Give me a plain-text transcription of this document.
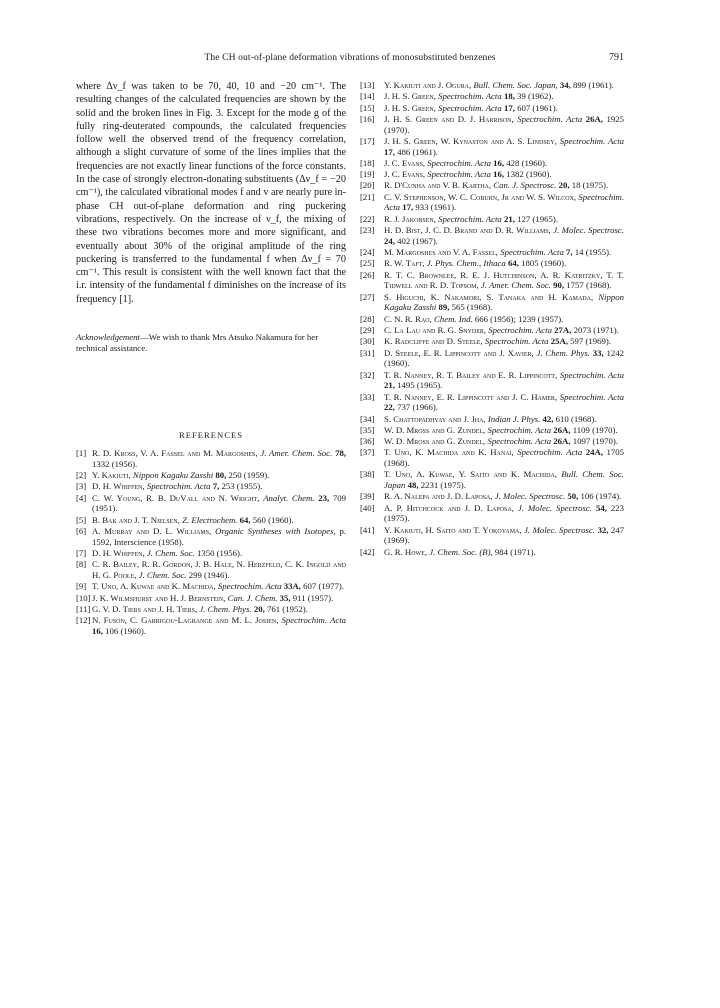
The CH out-of-plane deformation vibrations of monosubstituted benzenes	791

where Δν_f was taken to be 70, 40, 10 and −20 cm⁻¹. The resulting changes of the calculated frequencies are shown by the solid and the broken lines in Fig. 3. Except for the mode g of the fully ring-deuterated compounds, the calculated frequencies follow well the observed trend of the frequency correlation, although a slight curvature of some of the lines implies that the frequencies are not exactly linear functions of the force constants. In the case of strongly electron-donating substituents (Δν_f = −20 cm⁻¹), the calculated vibrational modes f and v are nearly pure in-phase CH out-of-plane deformation and ring puckering vibrations, respectively. On the increase of ν_f, the mixing of these two vibrations becomes more and more significant, and eventually about 30% of the original amplitude of the ring puckering is transferred to the fundamental f when Δν_f = 70 cm⁻¹. This result is consistent with the well known fact that the i.r. intensity of the fundamental f diminishes on the increase of its frequency [1].

Acknowledgement—We wish to thank Mrs Atsuko Nakamura for her technical assistance.

REFERENCES
[1] R. D. Kross, V. A. Fassel and M. Margoshes, J. Amer. Chem. Soc. 78, 1332 (1956).
[2] Y. Kakiuti, Nippon Kagaku Zasshi 80, 250 (1959).
[3] D. H. Whiffen, Spectrochim. Acta 7, 253 (1955).
[4] C. W. Young, R. B. DuVall and N. Wright, Analyt. Chem. 23, 709 (1951).
[5] B. Bak and J. T. Nielsen, Z. Electrochem. 64, 560 (1960).
[6] A. Murray and D. L. Williams, Organic Syntheses with Isotopes, p. 1592, Interscience (1958).
[7] D. H. Whiffen, J. Chem. Soc. 1350 (1956).
[8] C. R. Bailey, R. R. Gordon, J. B. Hale, N. Herzfeld, C. K. Ingold and H. G. Poole, J. Chem. Soc. 299 (1946).
[9] T. Uno, A. Kuwae and K. Machida, Spectrochim. Acta 33A, 607 (1977).
[10] J. K. Wilmshurst and H. J. Bernstein, Can. J. Chem. 35, 911 (1957).
[11] G. V. D. Tiers and J. H. Tiers, J. Chem. Phys. 20, 761 (1952).
[12] N. Fuson, C. Garrigou-Lagrange and M. L. Josien, Spectrochim. Acta 16, 106 (1960).
[13] Y. Kakiuti and J. Ogura, Bull. Chem. Soc. Japan, 34, 899 (1961).
[14] J. H. S. Green, Spectrochim. Acta 18, 39 (1962).
[15] J. H. S. Green, Spectrochim. Acta 17, 607 (1961).
[16] J. H. S. Green and D. J. Harrison, Spectrochim. Acta 26A, 1925 (1970).
[17] J. H. S. Green, W. Kynaston and A. S. Lindsey, Spectrochim. Acta 17, 486 (1961).
[18] J. C. Evans, Spectrochim. Acta 16, 428 (1960).
[19] J. C. Evans, Spectrochim. Acta 16, 1382 (1960).
[20] R. D'Cunha and V. B. Kartha, Can. J. Spectrosc. 20, 18 (1975).
[21] C. V. Stephenson, W. C. Coburn, Jr and W. S. Wilcox, Spectrochim. Acta 17, 933 (1961).
[22] R. J. Jakobsen, Spectrochim. Acta 21, 127 (1965).
[23] H. D. Bist, J. C. D. Brand and D. R. Williams, J. Molec. Spectrosc. 24, 402 (1967).
[24] M. Margoshes and V. A. Fassel, Spectrochim. Acta 7, 14 (1955).
[25] R. W. Taft, J. Phys. Chem., Ithaca 64, 1805 (1960).
[26] R. T. C. Brownlee, R. E. J. Hutchinson, A. R. Katritzky, T. T. Tidwell and R. D. Topsom, J. Amer. Chem. Soc. 90, 1757 (1968).
[27] S. Higuchi, K. Nakamori, S. Tanaka and H. Kamada, Nippon Kagaku Zasshi 89, 565 (1968).
[28] C. N. R. Rao, Chem. Ind. 666 (1956); 1239 (1957).
[29] C. La Lau and R. G. Snyder, Spectrochim. Acta 27A, 2073 (1971).
[30] K. Radcliffe and D. Steele, Spectrochim. Acta 25A, 597 (1969).
[31] D. Steele, E. R. Lippincott and J. Xavier, J. Chem. Phys. 33, 1242 (1960).
[32] T. R. Nanney, R. T. Bailey and E. R. Lippincott, Spectrochim. Acta 21, 1495 (1965).
[33] T. R. Nanney, E. R. Lippincott and J. C. Hamer, Spectrochim. Acta 22, 737 (1966).
[34] S. Chattopadhyay and J. Jha, Indian J. Phys. 42, 610 (1968).
[35] W. D. Mross and G. Zundel, Spectrochim. Acta 26A, 1109 (1970).
[36] W. D. Mross and G. Zundel, Spectrochim. Acta 26A, 1097 (1970).
[37] T. Uno, K. Machida and K. Hanai, Spectrochim. Acta 24A, 1705 (1968).
[38] T. Uno, A. Kuwae, Y. Saito and K. Machida, Bull. Chem. Soc. Japan 48, 2231 (1975).
[39] R. A. Nalepa and J. D. Laposa, J. Molec. Spectrosc. 50, 106 (1974).
[40] A. P. Hitchcock and J. D. Laposa, J. Molec. Spectrosc. 54, 223 (1975).
[41] Y. Kakiuti, H. Saito and T. Yokoyama, J. Molec. Spectrosc. 32, 247 (1969).
[42] G. R. Howe, J. Chem. Soc. (B), 984 (1971).
